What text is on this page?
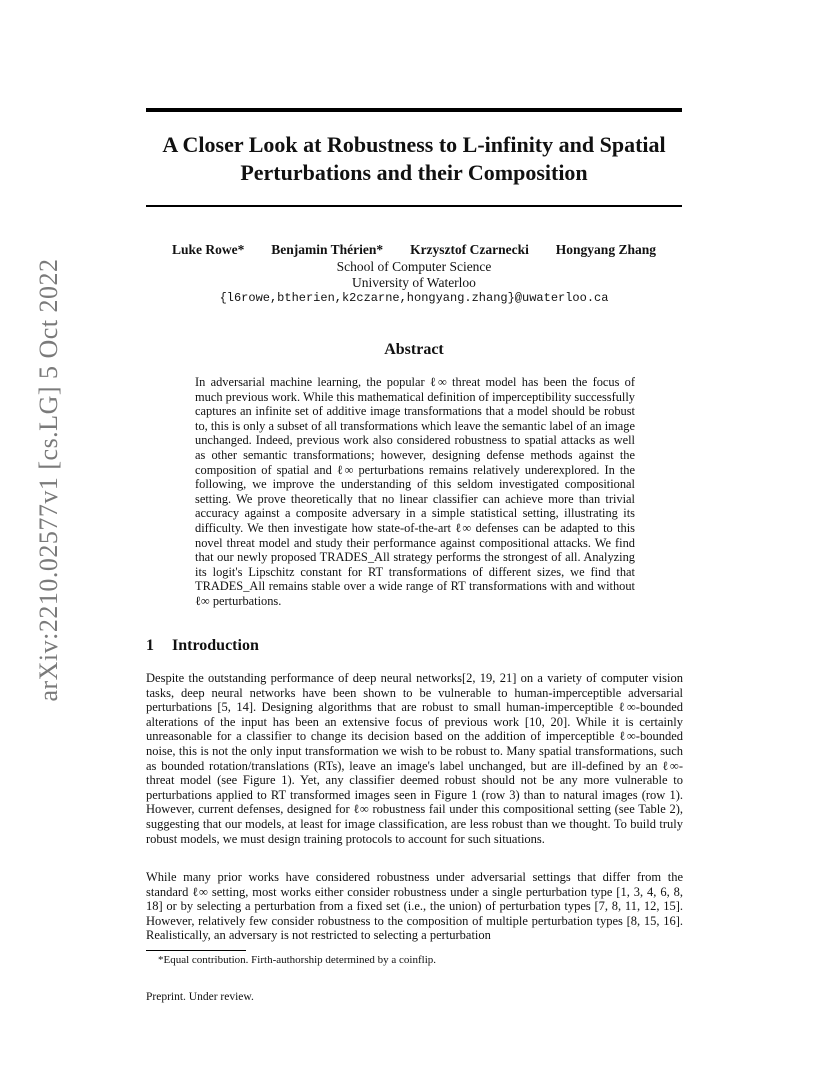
arXiv:2210.02577v1 [cs.LG] 5 Oct 2022
A Closer Look at Robustness to L-infinity and Spatial Perturbations and their Composition
Luke Rowe* Benjamin Thérien* Krzysztof Czarnecki Hongyang Zhang
School of Computer Science
University of Waterloo
{l6rowe,btherien,k2czarne,hongyang.zhang}@uwaterloo.ca
Abstract
In adversarial machine learning, the popular ℓ∞ threat model has been the focus of much previous work. While this mathematical definition of imperceptibility successfully captures an infinite set of additive image transformations that a model should be robust to, this is only a subset of all transformations which leave the semantic label of an image unchanged. Indeed, previous work also considered robustness to spatial attacks as well as other semantic transformations; however, designing defense methods against the composition of spatial and ℓ∞ perturbations remains relatively underexplored. In the following, we improve the understanding of this seldom investigated compositional setting. We prove theoretically that no linear classifier can achieve more than trivial accuracy against a composite adversary in a simple statistical setting, illustrating its difficulty. We then investigate how state-of-the-art ℓ∞ defenses can be adapted to this novel threat model and study their performance against compositional attacks. We find that our newly proposed TRADES_All strategy performs the strongest of all. Analyzing its logit's Lipschitz constant for RT transformations of different sizes, we find that TRADES_All remains stable over a wide range of RT transformations with and without ℓ∞ perturbations.
1 Introduction
Despite the outstanding performance of deep neural networks[2, 19, 21] on a variety of computer vision tasks, deep neural networks have been shown to be vulnerable to human-imperceptible adversarial perturbations [5, 14]. Designing algorithms that are robust to small human-imperceptible ℓ∞-bounded alterations of the input has been an extensive focus of previous work [10, 20]. While it is certainly unreasonable for a classifier to change its decision based on the addition of imperceptible ℓ∞-bounded noise, this is not the only input transformation we wish to be robust to. Many spatial transformations, such as bounded rotation/translations (RTs), leave an image's label unchanged, but are ill-defined by an ℓ∞-threat model (see Figure 1). Yet, any classifier deemed robust should not be any more vulnerable to perturbations applied to RT transformed images seen in Figure 1 (row 3) than to natural images (row 1). However, current defenses, designed for ℓ∞ robustness fail under this compositional setting (see Table 2), suggesting that our models, at least for image classification, are less robust than we thought. To build truly robust models, we must design training protocols to account for such situations.
While many prior works have considered robustness under adversarial settings that differ from the standard ℓ∞ setting, most works either consider robustness under a single perturbation type [1, 3, 4, 6, 8, 18] or by selecting a perturbation from a fixed set (i.e., the union) of perturbation types [7, 8, 11, 12, 15]. However, relatively few consider robustness to the composition of multiple perturbation types [8, 15, 16]. Realistically, an adversary is not restricted to selecting a perturbation
*Equal contribution. Firth-authorship determined by a coinflip.
Preprint. Under review.
